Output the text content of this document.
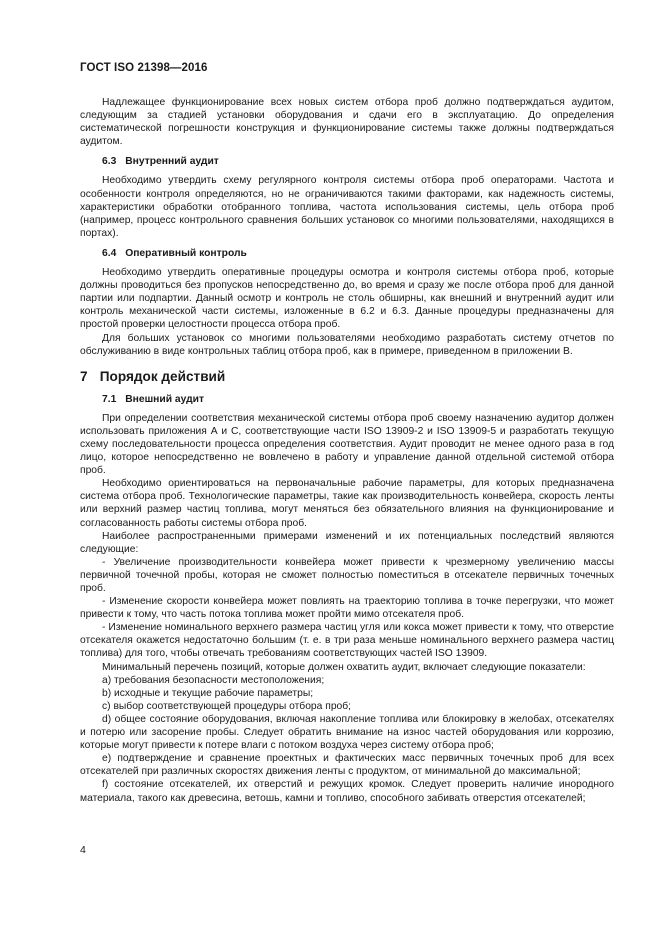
ГОСТ ISO 21398—2016

Надлежащее функционирование всех новых систем отбора проб должно подтверждаться аудитом, следующим за стадией установки оборудования и сдачи его в эксплуатацию. До определения систематической погрешности конструкция и функционирование системы также должны подтверждаться аудитом.

6.3 Внутренний аудит

Необходимо утвердить схему регулярного контроля системы отбора проб операторами. Частота и особенности контроля определяются, но не ограничиваются такими факторами, как надежность системы, характеристики обработки отобранного топлива, частота использования системы, цель отбора проб (например, процесс контрольного сравнения больших установок со многими пользователями, находящихся в портах).

6.4 Оперативный контроль

Необходимо утвердить оперативные процедуры осмотра и контроля системы отбора проб, которые должны проводиться без пропусков непосредственно до, во время и сразу же после отбора проб для данной партии или подпартии. Данный осмотр и контроль не столь обширны, как внешний и внутренний аудит или контроль механической части системы, изложенные в 6.2 и 6.3. Данные процедуры предназначены для простой проверки целостности процесса отбора проб.

Для больших установок со многими пользователями необходимо разработать систему отчетов по обслуживанию в виде контрольных таблиц отбора проб, как в примере, приведенном в приложении В.

7 Порядок действий
7.1 Внешний аудит

При определении соответствия механической системы отбора проб своему назначению аудитор должен использовать приложения А и С, соответствующие части ISO 13909-2 и ISO 13909-5 и разработать текущую схему последовательности процесса определения соответствия. Аудит проводит не менее одного раза в год лицо, которое непосредственно не вовлечено в работу и управление данной отдельной системой отбора проб.

Необходимо ориентироваться на первоначальные рабочие параметры, для которых предназначена система отбора проб. Технологические параметры, такие как производительность конвейера, скорость ленты или верхний размер частиц топлива, могут меняться без обязательного влияния на функционирование и согласованность работы системы отбора проб.

Наиболее распространенными примерами изменений и их потенциальных последствий являются следующие:

- Увеличение производительности конвейера может привести к чрезмерному увеличению массы первичной точечной пробы, которая не сможет полностью поместиться в отсекателе первичных точечных проб.

- Изменение скорости конвейера может повлиять на траекторию топлива в точке перегрузки, что может привести к тому, что часть потока топлива может пройти мимо отсекателя проб.

- Изменение номинального верхнего размера частиц угля или кокса может привести к тому, что отверстие отсекателя окажется недостаточно большим (т. е. в три раза меньше номинального верхнего размера частиц топлива) для того, чтобы отвечать требованиям соответствующих частей ISO 13909.

Минимальный перечень позиций, которые должен охватить аудит, включает следующие показатели:

а) требования безопасности местоположения;

b) исходные и текущие рабочие параметры;

с) выбор соответствующей процедуры отбора проб;

d) общее состояние оборудования, включая накопление топлива или блокировку в желобах, отсекателях и потерю или засорение пробы. Следует обратить внимание на износ частей оборудования или коррозию, которые могут привести к потере влаги с потоком воздуха через систему отбора проб;

е) подтверждение и сравнение проектных и фактических масс первичных точечных проб для всех отсекателей при различных скоростях движения ленты с продуктом, от минимальной до максимальной;

f) состояние отсекателей, их отверстий и режущих кромок. Следует проверить наличие инородного материала, такого как древесина, ветошь, камни и топливо, способного забивать отверстия отсекателей;

4
